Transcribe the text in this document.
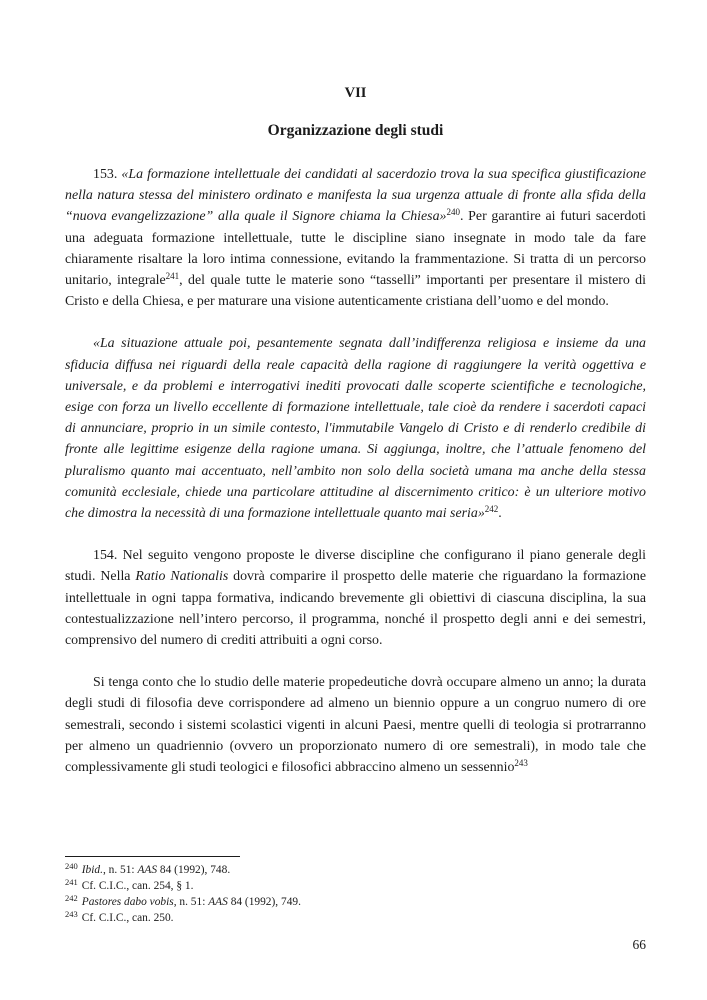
VII
Organizzazione degli studi

153. «La formazione intellettuale dei candidati al sacerdozio trova la sua specifica giustificazione nella natura stessa del ministero ordinato e manifesta la sua urgenza attuale di fronte alla sfida della “nuova evangelizzazione” alla quale il Signore chiama la Chiesa»$^{240}$. Per garantire ai futuri sacerdoti una adeguata formazione intellettuale, tutte le discipline siano insegnate in modo tale da fare chiaramente risaltare la loro intima connessione, evitando la frammentazione. Si tratta di un percorso unitario, integrale$^{241}$, del quale tutte le materie sono “tasselli” importanti per presentare il mistero di Cristo e della Chiesa, e per maturare una visione autenticamente cristiana dell’uomo e del mondo.

«La situazione attuale poi, pesantemente segnata dall’indifferenza religiosa e insieme da una sfiducia diffusa nei riguardi della reale capacità della ragione di raggiungere la verità oggettiva e universale, e da problemi e interrogativi inediti provocati dalle scoperte scientifiche e tecnologiche, esige con forza un livello eccellente di formazione intellettuale, tale cioè da rendere i sacerdoti capaci di annunciare, proprio in un simile contesto, l'immutabile Vangelo di Cristo e di renderlo credibile di fronte alle legittime esigenze della ragione umana. Si aggiunga, inoltre, che l’attuale fenomeno del pluralismo quanto mai accentuato, nell’ambito non solo della società umana ma anche della stessa comunità ecclesiale, chiede una particolare attitudine al discernimento critico: è un ulteriore motivo che dimostra la necessità di una formazione intellettuale quanto mai seria»$^{242}$.

154. Nel seguito vengono proposte le diverse discipline che configurano il piano generale degli studi. Nella Ratio Nationalis dovrà comparire il prospetto delle materie che riguardano la formazione intellettuale in ogni tappa formativa, indicando brevemente gli obiettivi di ciascuna disciplina, la sua contestualizzazione nell’intero percorso, il programma, nonché il prospetto degli anni e dei semestri, comprensivo del numero di crediti attribuiti a ogni corso.

Si tenga conto che lo studio delle materie propedeutiche dovrà occupare almeno un anno; la durata degli studi di filosofia deve corrispondere ad almeno un biennio oppure a un congruo numero di ore semestrali, secondo i sistemi scolastici vigenti in alcuni Paesi, mentre quelli di teologia si protrarranno per almeno un quadriennio (ovvero un proporzionato numero di ore semestrali), in modo tale che complessivamente gli studi teologici e filosofici abbraccino almeno un sessennio$^{243}$

$^{240}$ Ibid., n. 51: AAS 84 (1992), 748.

$^{241}$ Cf. C.I.C., can. 254, § 1.

$^{242}$ Pastores dabo vobis, n. 51: AAS 84 (1992), 749.

$^{243}$ Cf. C.I.C., can. 250.

66
